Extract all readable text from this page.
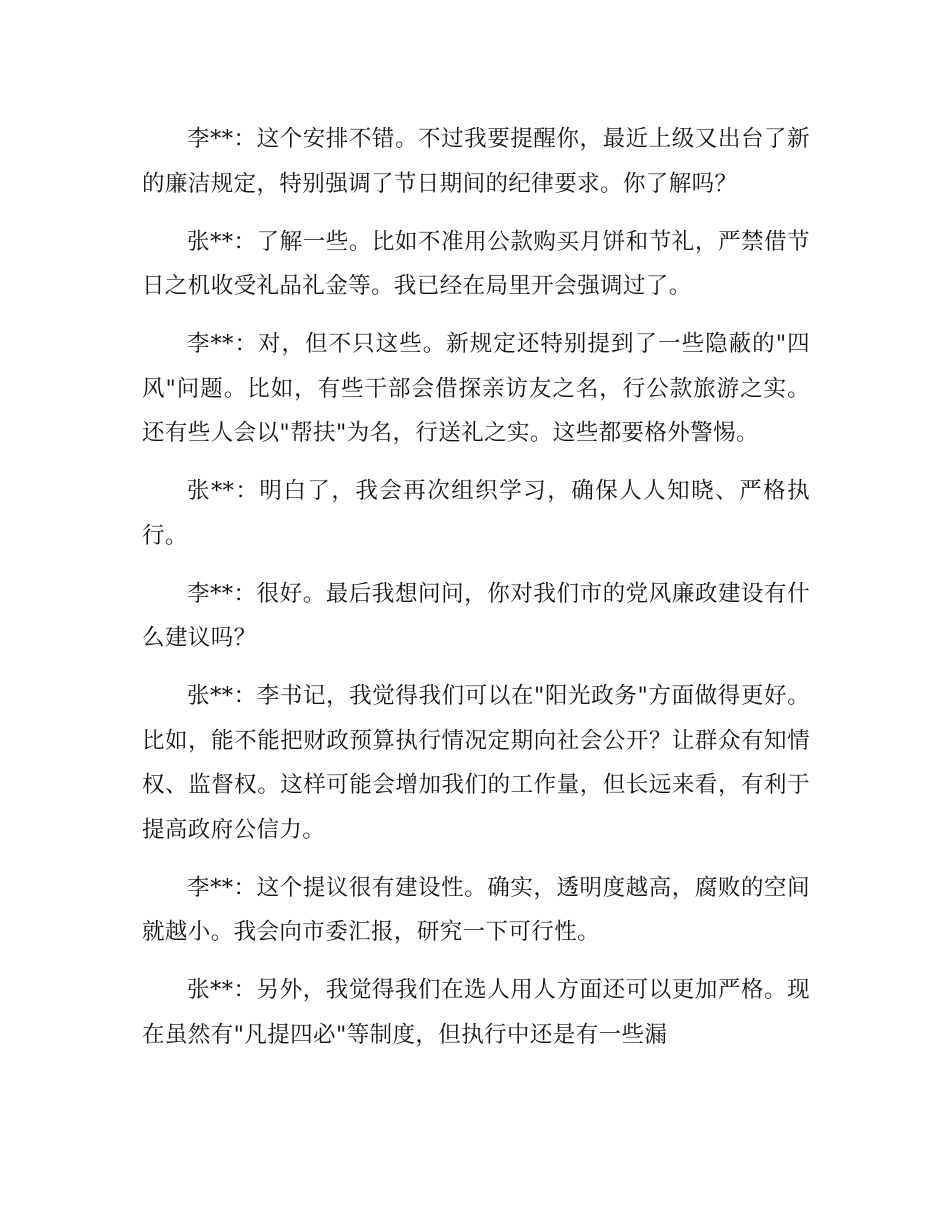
李**：这个安排不错。不过我要提醒你，最近上级又出台了新的廉洁规定，特别强调了节日期间的纪律要求。你了解吗？

张**：了解一些。比如不准用公款购买月饼和节礼，严禁借节日之机收受礼品礼金等。我已经在局里开会强调过了。

李**：对，但不只这些。新规定还特别提到了一些隐蔽的"四风"问题。比如，有些干部会借探亲访友之名，行公款旅游之实。还有些人会以"帮扶"为名，行送礼之实。这些都要格外警惕。

张**：明白了，我会再次组织学习，确保人人知晓、严格执行。

李**：很好。最后我想问问，你对我们市的党风廉政建设有什么建议吗？

张**：李书记，我觉得我们可以在"阳光政务"方面做得更好。比如，能不能把财政预算执行情况定期向社会公开？让群众有知情权、监督权。这样可能会增加我们的工作量，但长远来看，有利于提高政府公信力。

李**：这个提议很有建设性。确实，透明度越高，腐败的空间就越小。我会向市委汇报，研究一下可行性。

张**：另外，我觉得我们在选人用人方面还可以更加严格。现在虽然有"凡提四必"等制度，但执行中还是有一些漏
